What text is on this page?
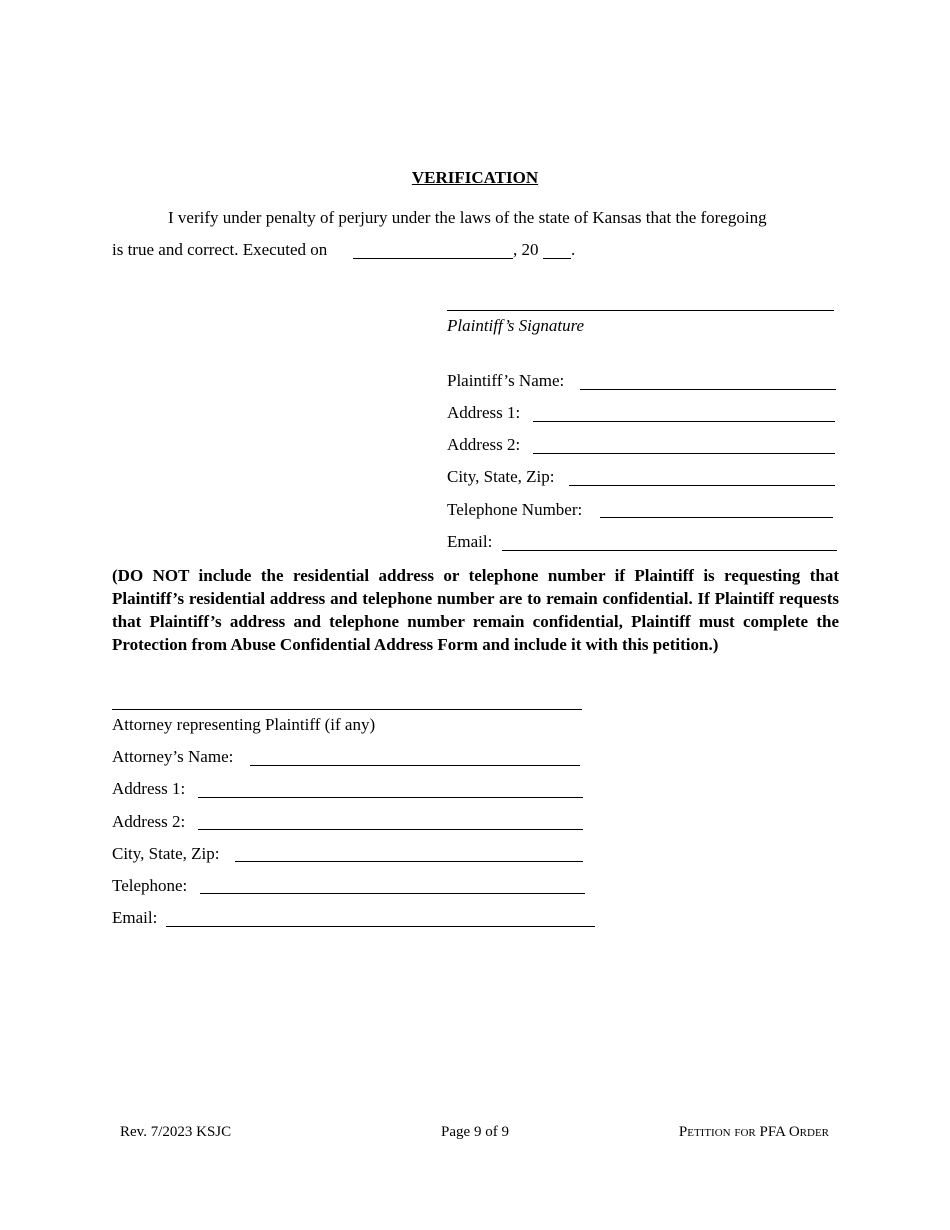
VERIFICATION
I verify under penalty of perjury under the laws of the state of Kansas that the foregoing
is true and correct. Executed on	, 20 .
Plaintiff’s Signature
Plaintiff’s Name:
Address 1:
Address 2:
City, State, Zip:
Telephone Number:
Email:
(DO NOT include the residential address or telephone number if Plaintiff is requesting that Plaintiff’s residential address and telephone number are to remain confidential. If Plaintiff requests that Plaintiff’s address and telephone number remain confidential, Plaintiff must complete the Protection from Abuse Confidential Address Form and include it with this petition.)
Attorney representing Plaintiff (if any)
Attorney’s Name:
Address 1:
Address 2:
City, State, Zip:
Telephone:
Email:
Rev. 7/2023 KSJC	Page 9 of 9	Petition for PFA Order
